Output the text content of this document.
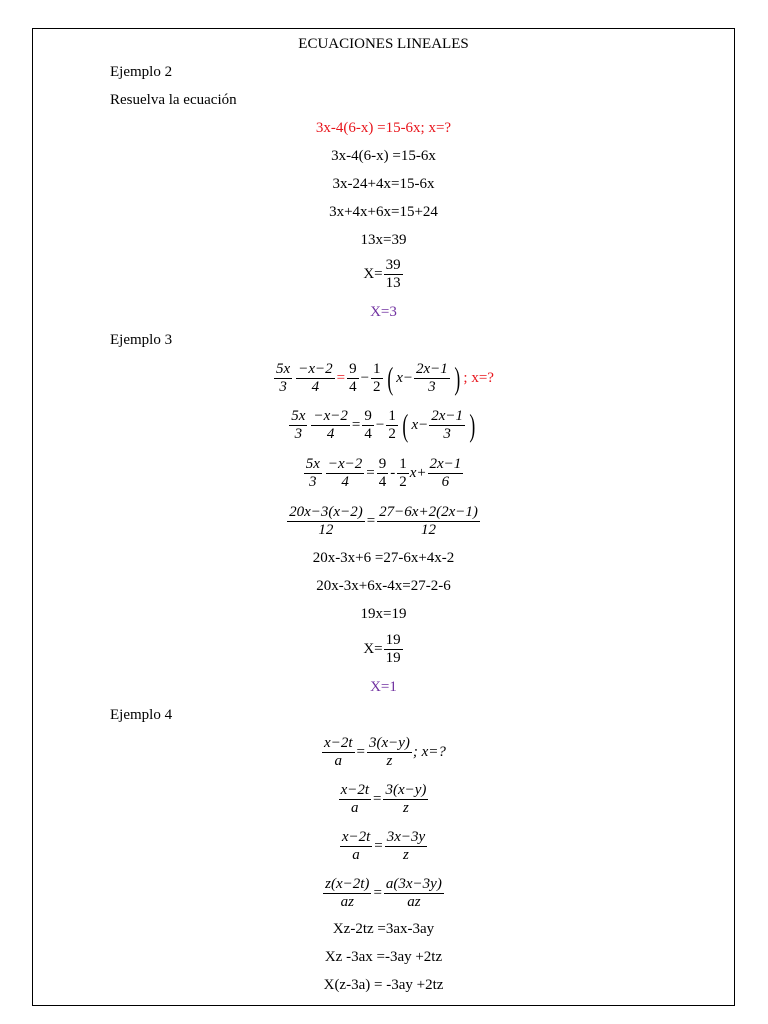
ECUACIONES LINEALES
Ejemplo 2
Resuelva la ecuación
3x-4(6-x) =15-6x; x=?
3x-4(6-x) =15-6x
3x-24+4x=15-6x
3x+4x+6x=15+24
13x=39
$X= \frac{39}{13}$
X=3
Ejemplo 3
$\frac{5x}{3} \frac{-x-2}{4} = \frac{9}{4} - \frac{1}{2}$ ( $x- \frac{2x-1}{3}$ ) ; x=?
$\frac{5x}{3} \frac{-x-2}{4} = \frac{9}{4} - \frac{1}{2}$ ( $x- \frac{2x-1}{3}$ )
$\frac{5x}{3} \frac{-x-2}{4} = \frac{9}{4} - \frac{1}{2} x+ \frac{2x-1}{6}$
$\frac{20x-3(x-2)}{12} = \frac{27-6x+2(2x-1)}{12}$
20x-3x+6 =27-6x+4x-2
20x-3x+6x-4x=27-2-6
19x=19
$X= \frac{19}{19}$
X=1
Ejemplo 4
$\frac{x-2t}{a} = \frac{3(x-y)}{z}$ ; x=?
$\frac{x-2t}{a} = \frac{3(x-y)}{z}$
$\frac{x-2t}{a} = \frac{3x-3y}{z}$
$\frac{z(x-2t)}{az} = \frac{a(3x-3y)}{az}$
Xz-2tz =3ax-3ay
Xz -3ax =-3ay +2tz
X(z-3a) = -3ay +2tz
